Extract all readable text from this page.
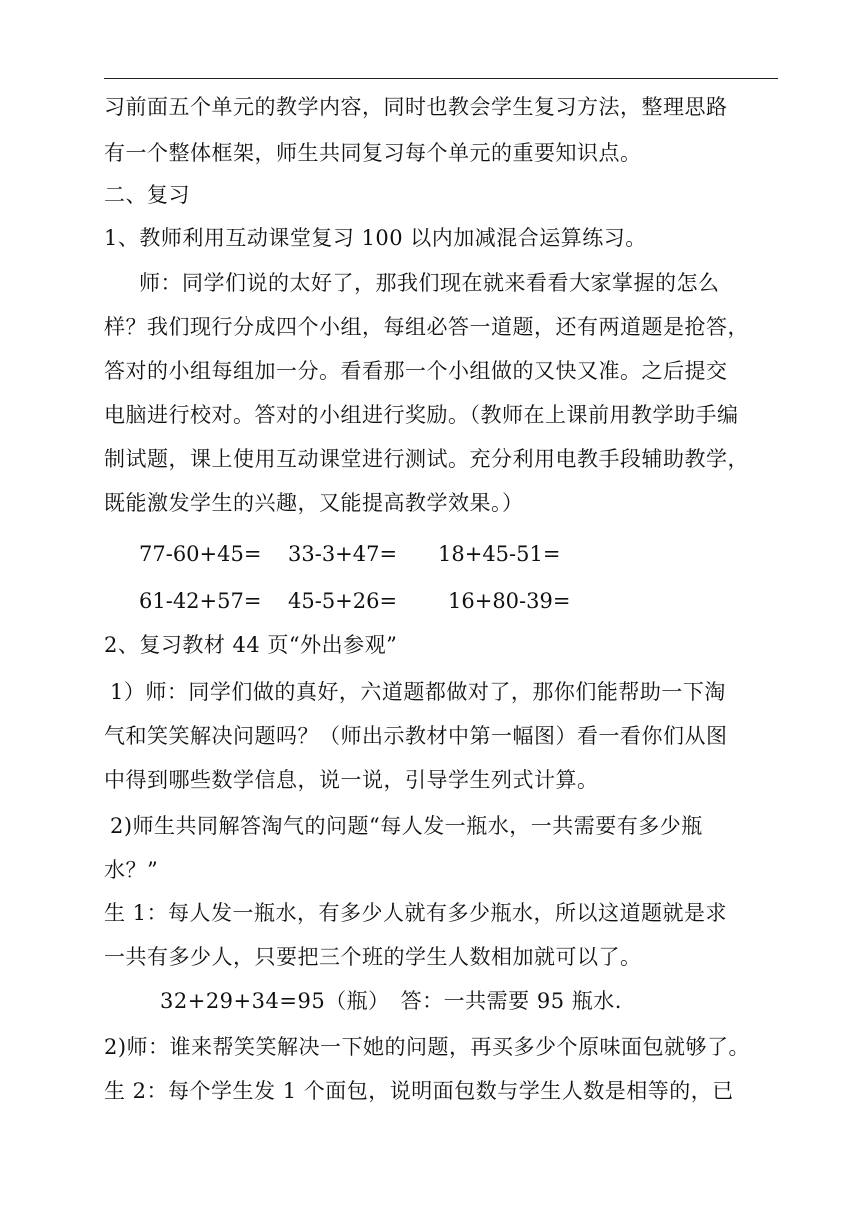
习前面五个单元的教学内容，同时也教会学生复习方法，整理思路
有一个整体框架，师生共同复习每个单元的重要知识点。
二、复习
1、教师利用互动课堂复习 100 以内加减混合运算练习。
师：同学们说的太好了，那我们现在就来看看大家掌握的怎么
样？我们现行分成四个小组，每组必答一道题，还有两道题是抢答，
答对的小组每组加一分。看看那一个小组做的又快又准。之后提交
电脑进行校对。答对的小组进行奖励。（教师在上课前用教学助手编
制试题，课上使用互动课堂进行测试。充分利用电教手段辅助教学，
既能激发学生的兴趣，又能提高教学效果。）
77-60+45= 33-3+47= 18+45-51=
61-42+57= 45-5+26= 16+80-39=
2、复习教材 44 页“外出参观”
1）师：同学们做的真好，六道题都做对了，那你们能帮助一下淘
气和笑笑解决问题吗？（师出示教材中第一幅图）看一看你们从图
中得到哪些数学信息，说一说，引导学生列式计算。
2)师生共同解答淘气的问题“每人发一瓶水，一共需要有多少瓶
水？”
生 1：每人发一瓶水，有多少人就有多少瓶水，所以这道题就是求
一共有多少人，只要把三个班的学生人数相加就可以了。
32+29+34=95（瓶）　答：一共需要 95 瓶水.
2)师：谁来帮笑笑解决一下她的问题，再买多少个原味面包就够了。
生 2：每个学生发 1 个面包，说明面包数与学生人数是相等的，已
